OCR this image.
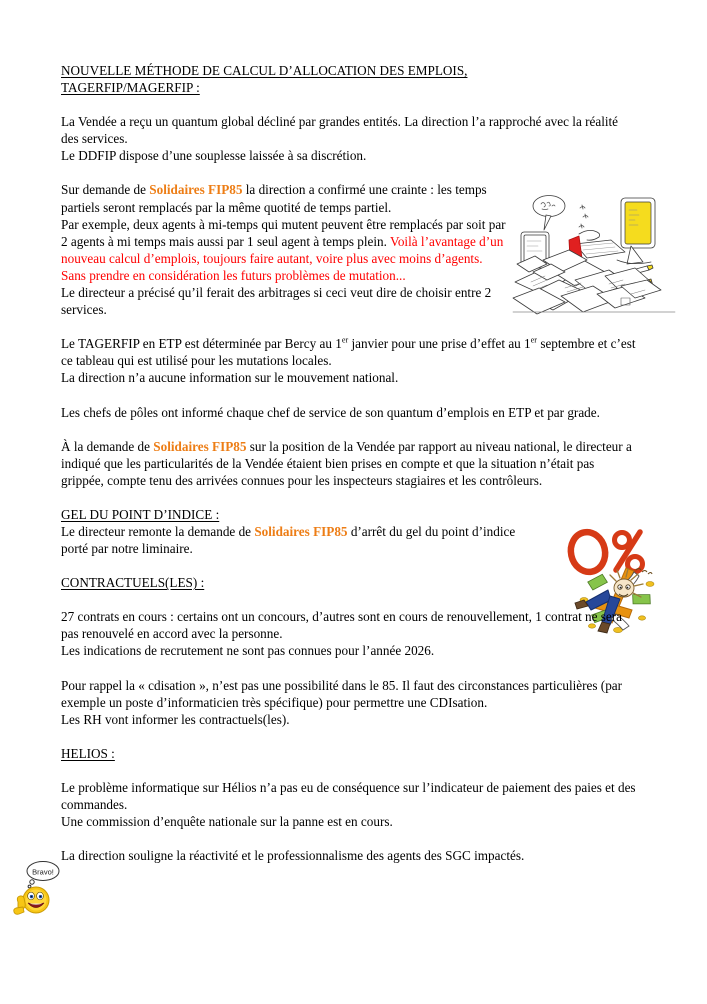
Bravo!
NOUVELLE MÉTHODE DE CALCUL D’ALLOCATION DES EMPLOIS,
TAGERFIP/MAGERFIP :

La Vendée a reçu un quantum global décliné par grandes entités. La direction l’a rapproché avec la réalité des services.
Le DDFIP dispose d’une souplesse laissée à sa discrétion.

Sur demande de Solidaires FIP85 la direction a confirmé une crainte : les temps partiels seront remplacés par la même quotité de temps partiel.
Par exemple, deux agents à mi-temps qui mutent peuvent être remplacés par soit par 2 agents à mi temps mais aussi par 1 seul agent à temps plein. Voilà l’avantage d’un nouveau calcul d’emplois, toujours faire autant, voire plus avec moins d’agents. Sans prendre en considération les futurs problèmes de mutation...
Le directeur a précisé qu’il ferait des arbitrages si ceci veut dire de choisir entre 2 services.

Le TAGERFIP en ETP est déterminée par Bercy au 1er janvier pour une prise d’effet au 1er septembre et c’est ce tableau qui est utilisé pour les mutations locales.
La direction n’a aucune information sur le mouvement national.

Les chefs de pôles ont informé chaque chef de service de son quantum d’emplois en ETP et par grade.

À la demande de Solidaires FIP85 sur la position de la Vendée par rapport au niveau national, le directeur a indiqué que les particularités de la Vendée étaient bien prises en compte et que la situation n’était pas grippée, compte tenu des arrivées connues pour les inspecteurs stagiaires et les contrôleurs.

GEL DU POINT D’INDICE :

Le directeur remonte la demande de Solidaires FIP85 d’arrêt du gel du point d’indice porté par notre liminaire.

CONTRACTUELS(LES) :

27 contrats en cours : certains ont un concours, d’autres sont en cours de renouvellement, 1 contrat ne sera pas renouvelé en accord avec la personne.
Les indications de recrutement ne sont pas connues pour l’année 2026.

Pour rappel la « cdisation », n’est pas une possibilité dans le 85. Il faut des circonstances particulières (par exemple un poste d’informaticien très spécifique) pour permettre une CDIsation.
Les RH vont informer les contractuels(les).

HELIOS :

Le problème informatique sur Hélios n’a pas eu de conséquence sur l’indicateur de paiement des paies et des commandes.
Une commission d’enquête nationale sur la panne est en cours.

La direction souligne la réactivité et le professionnalisme des agents des SGC impactés.
